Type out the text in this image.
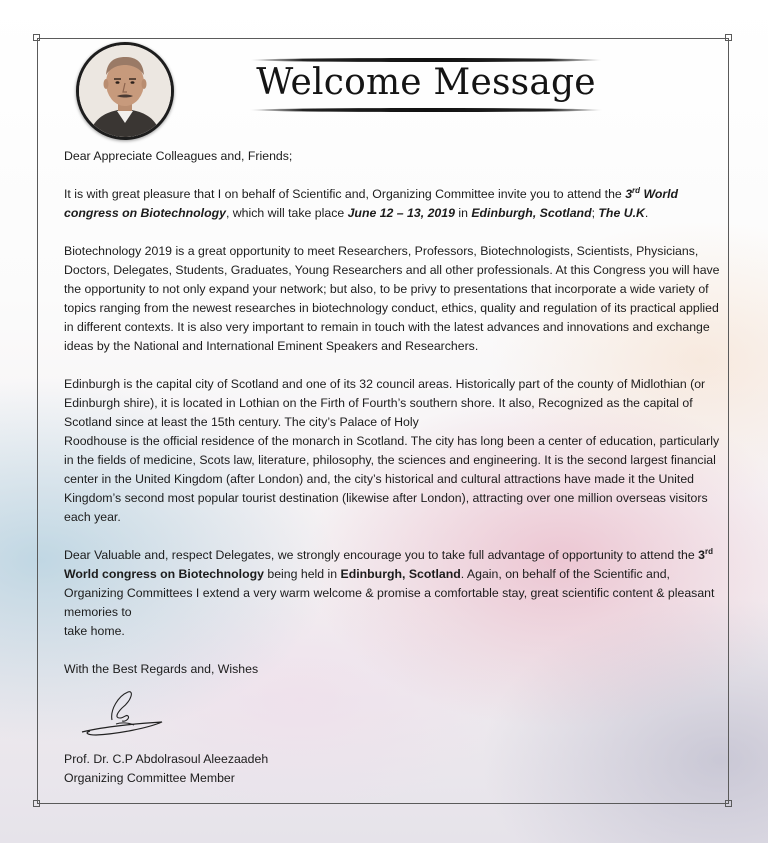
Welcome Message

Dear Appreciate Colleagues and, Friends;

It is with great pleasure that I on behalf of Scientific and, Organizing Committee invite you to attend the 3rd World congress on Biotechnology, which will take place June 12 – 13, 2019 in Edinburgh, Scotland; The U.K.

Biotechnology 2019 is a great opportunity to meet Researchers, Professors, Biotechnologists, Scientists, Physicians, Doctors, Delegates, Students, Graduates, Young Researchers and all other professionals. At this Congress you will have the opportunity to not only expand your network; but also, to be privy to presentations that incorporate a wide variety of topics ranging from the newest researches in biotechnology conduct, ethics, quality and regulation of its practical applied in different contexts. It is also very important to remain in touch with the latest advances and innovations and exchange ideas by the National and International Eminent Speakers and Researchers.

Edinburgh is the capital city of Scotland and one of its 32 council areas. Historically part of the county of Midlothian (or Edinburgh shire), it is located in Lothian on the Firth of Fourth’s southern shore. It also, Recognized as the capital of Scotland since at least the 15th century. The city’s Palace of Holy

Roodhouse is the official residence of the monarch in Scotland. The city has long been a center of education, particularly in the fields of medicine, Scots law, literature, philosophy, the sciences and engineering. It is the second largest financial center in the United Kingdom (after London) and, the city’s historical and cultural attractions have made it the United Kingdom’s second most popular tourist destination (likewise after London), attracting over one million overseas visitors each year.

Dear Valuable and, respect Delegates, we strongly encourage you to take full advantage of opportunity to attend the 3rd World congress on Biotechnology being held in Edinburgh, Scotland. Again, on behalf of the Scientific and, Organizing Committees I extend a very warm welcome & promise a comfortable stay, great scientific content & pleasant memories to

take home.

With the Best Regards and, Wishes

Prof. Dr. C.P Abdolrasoul Aleezaadeh
Organizing Committee Member
